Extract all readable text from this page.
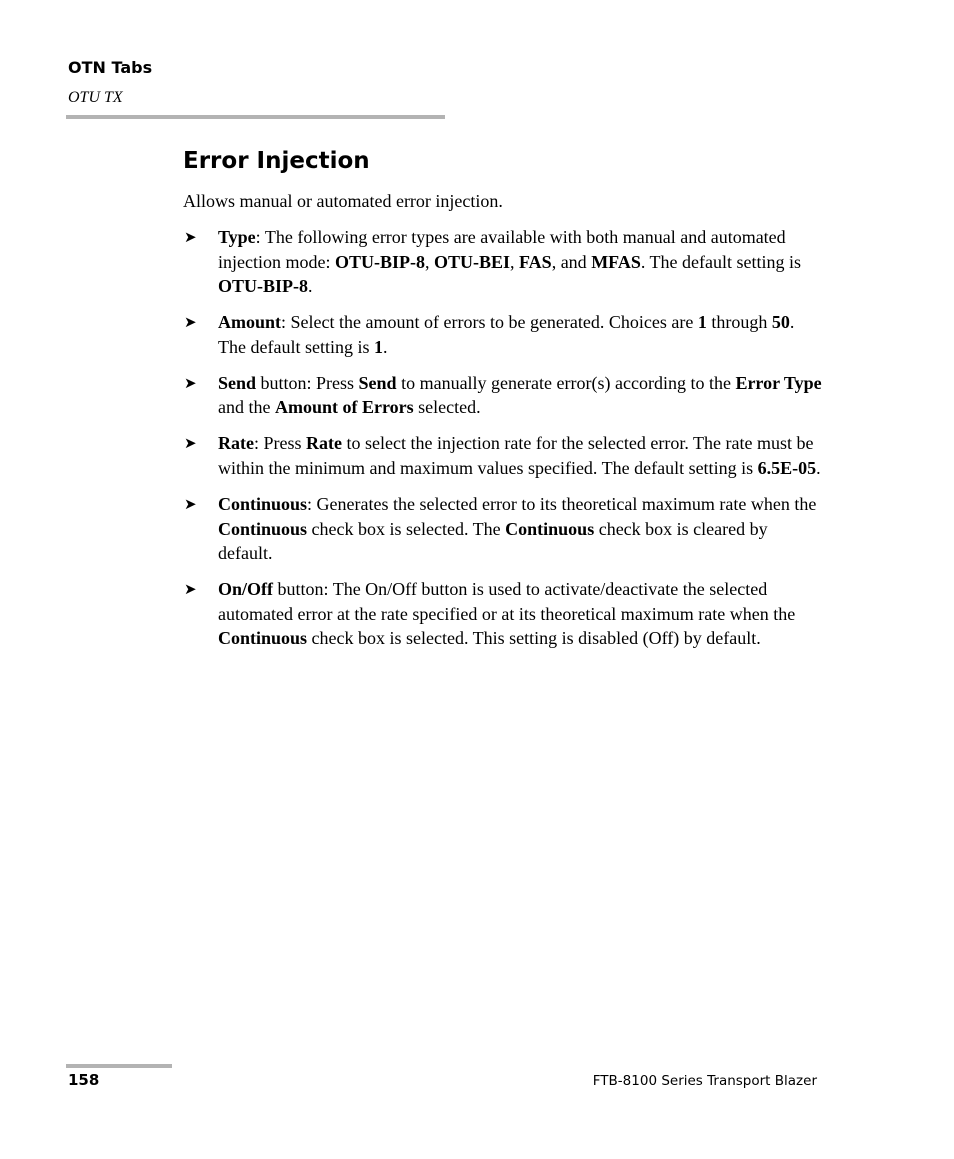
OTN Tabs
OTU TX
Error Injection
Allows manual or automated error injection.
➤ Type: The following error types are available with both manual and automated injection mode: OTU-BIP-8, OTU-BEI, FAS, and MFAS. The default setting is OTU-BIP-8.
➤ Amount: Select the amount of errors to be generated. Choices are 1 through 50. The default setting is 1.
➤ Send button: Press Send to manually generate error(s) according to the Error Type and the Amount of Errors selected.
➤ Rate: Press Rate to select the injection rate for the selected error. The rate must be within the minimum and maximum values specified. The default setting is 6.5E-05.
➤ Continuous: Generates the selected error to its theoretical maximum rate when the Continuous check box is selected. The Continuous check box is cleared by default.
➤ On/Off button: The On/Off button is used to activate/deactivate the selected automated error at the rate specified or at its theoretical maximum rate when the Continuous check box is selected. This setting is disabled (Off) by default.
158	FTB-8100 Series Transport Blazer
